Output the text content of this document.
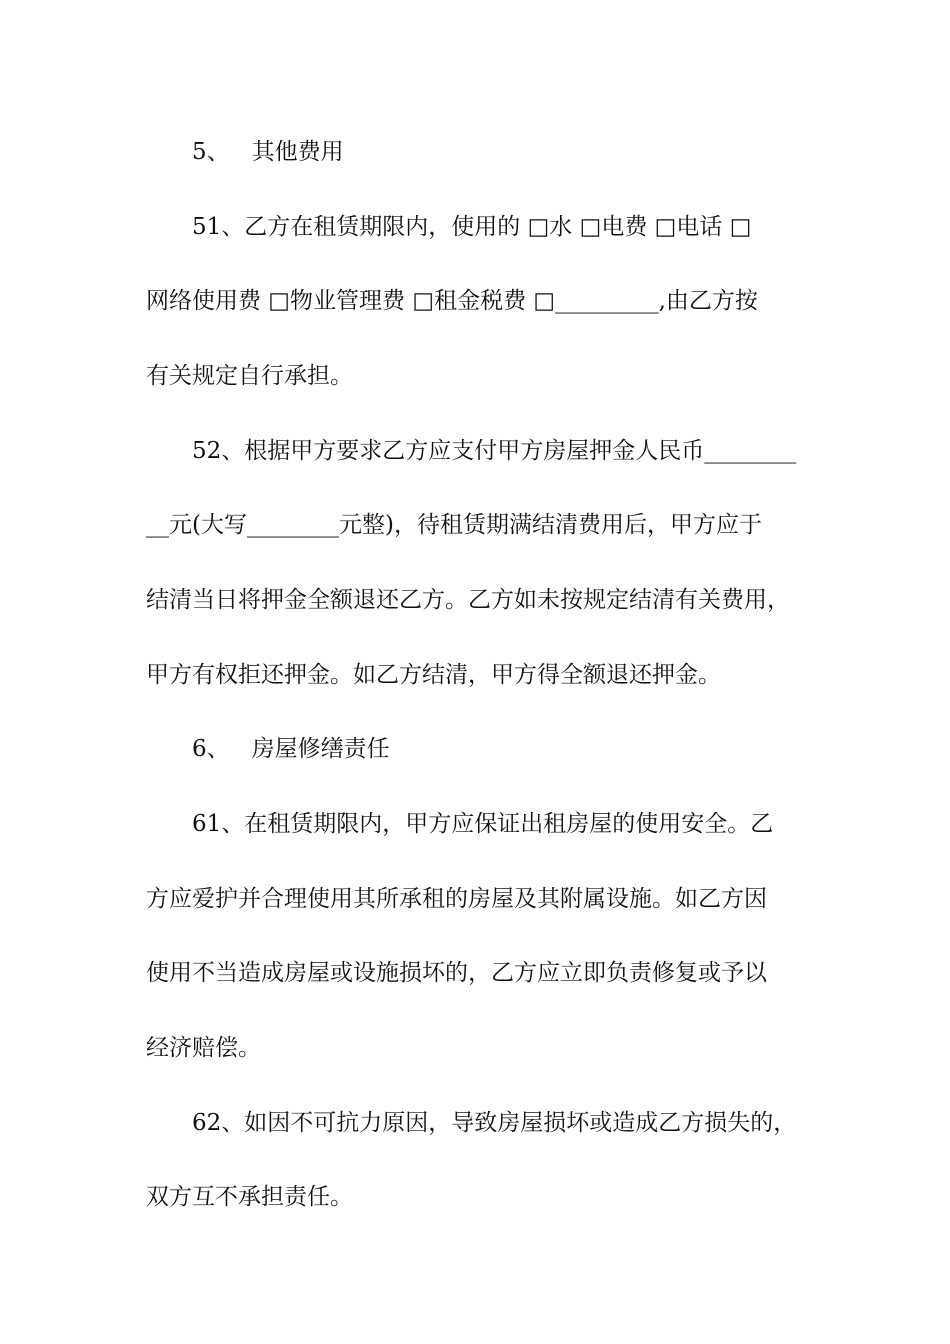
5、 其他费用
51、乙方在租赁期限内，使用的 □水 □电费 □电话 □
网络使用费 □物业管理费 □租金税费 □_________,由乙方按
有关规定自行承担。
52、根据甲方要求乙方应支付甲方房屋押金人民币________
__元(大写________元整)，待租赁期满结清费用后，甲方应于
结清当日将押金全额退还乙方。乙方如未按规定结清有关费用，
甲方有权拒还押金。如乙方结清，甲方得全额退还押金。
6、 房屋修缮责任
61、在租赁期限内，甲方应保证出租房屋的使用安全。乙
方应爱护并合理使用其所承租的房屋及其附属设施。如乙方因
使用不当造成房屋或设施损坏的，乙方应立即负责修复或予以
经济赔偿。
62、如因不可抗力原因，导致房屋损坏或造成乙方损失的，
双方互不承担责任。
